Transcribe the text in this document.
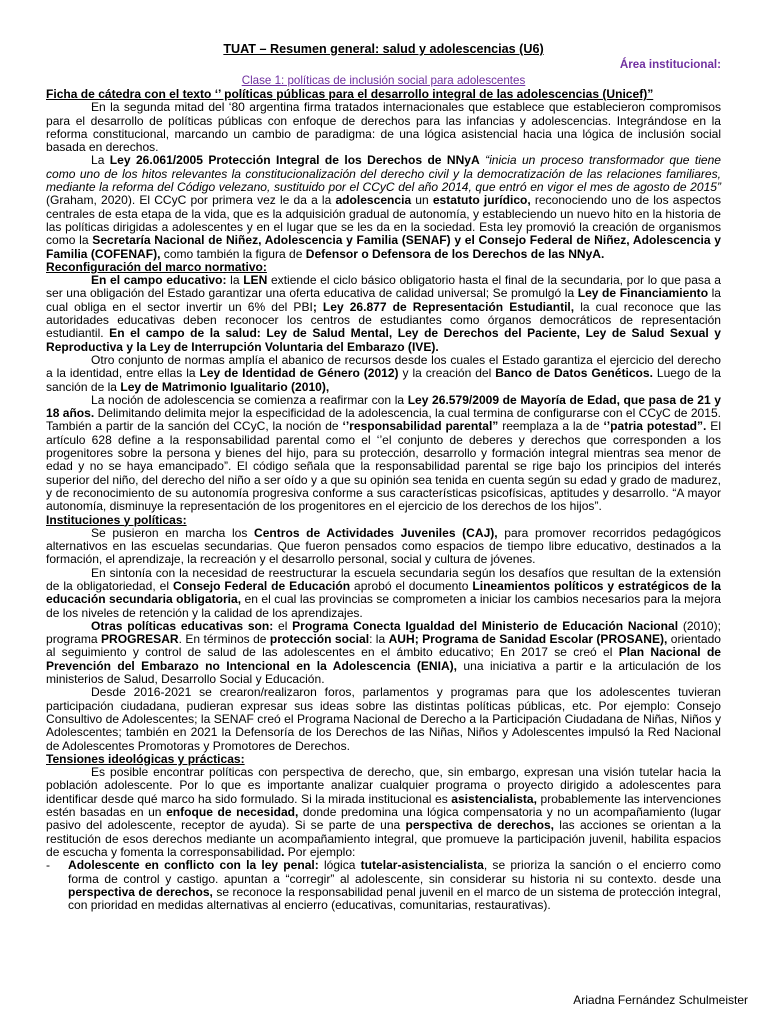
TUAT – Resumen general: salud y adolescencias (U6)
Área institucional:
Clase 1: políticas de inclusión social para adolescentes

Ficha de cátedra con el texto ‘’ políticas públicas para el desarrollo integral de las adolescencias (Unicef)”

En la segunda mitad del ‘80 argentina firma tratados internacionales que establece que establecieron compromisos para el desarrollo de políticas públicas con enfoque de derechos para las infancias y adolescencias. Integrándose en la reforma constitucional, marcando un cambio de paradigma: de una lógica asistencial hacia una lógica de inclusión social basada en derechos.

La Ley 26.061/2005 Protección Integral de los Derechos de NNyA “inicia un proceso transformador que tiene como uno de los hitos relevantes la constitucionalización del derecho civil y la democratización de las relaciones familiares, mediante la reforma del Código velezano, sustituido por el CCyC del año 2014, que entró en vigor el mes de agosto de 2015” (Graham, 2020). El CCyC por primera vez le da a la adolescencia un estatuto jurídico, reconociendo uno de los aspectos centrales de esta etapa de la vida, que es la adquisición gradual de autonomía, y estableciendo un nuevo hito en la historia de las políticas dirigidas a adolescentes y en el lugar que se les da en la sociedad. Esta ley promovió la creación de organismos como la Secretaría Nacional de Niñez, Adolescencia y Familia (SENAF) y el Consejo Federal de Niñez, Adolescencia y Familia (COFENAF), como también la figura de Defensor o Defensora de los Derechos de las NNyA.

Reconfiguración del marco normativo:

En el campo educativo: la LEN extiende el ciclo básico obligatorio hasta el final de la secundaria, por lo que pasa a ser una obligación del Estado garantizar una oferta educativa de calidad universal; Se promulgó la Ley de Financiamiento la cual obliga en el sector invertir un 6% del PBI; Ley 26.877 de Representación Estudiantil, la cual reconoce que las autoridades educativas deben reconocer los centros de estudiantes como órganos democráticos de representación estudiantil. En el campo de la salud: Ley de Salud Mental, Ley de Derechos del Paciente, Ley de Salud Sexual y Reproductiva y la Ley de Interrupción Voluntaria del Embarazo (IVE).

Otro conjunto de normas amplía el abanico de recursos desde los cuales el Estado garantiza el ejercicio del derecho a la identidad, entre ellas la Ley de Identidad de Género (2012) y la creación del Banco de Datos Genéticos. Luego de la sanción de la Ley de Matrimonio Igualitario (2010),

La noción de adolescencia se comienza a reafirmar con la Ley 26.579/2009 de Mayoría de Edad, que pasa de 21 y 18 años. Delimitando delimita mejor la especificidad de la adolescencia, la cual termina de configurarse con el CCyC de 2015. También a partir de la sanción del CCyC, la noción de ‘’responsabilidad parental” reemplaza a la de ‘’patria potestad”. El artículo 628 define a la responsabilidad parental como el ‘’el conjunto de deberes y derechos que corresponden a los progenitores sobre la persona y bienes del hijo, para su protección, desarrollo y formación integral mientras sea menor de edad y no se haya emancipado”. El código señala que la responsabilidad parental se rige bajo los principios del interés superior del niño, del derecho del niño a ser oído y a que su opinión sea tenida en cuenta según su edad y grado de madurez, y de reconocimiento de su autonomía progresiva conforme a sus características psicofísicas, aptitudes y desarrollo. “A mayor autonomía, disminuye la representación de los progenitores en el ejercicio de los derechos de los hijos”.

Instituciones y políticas:

Se pusieron en marcha los Centros de Actividades Juveniles (CAJ), para promover recorridos pedagógicos alternativos en las escuelas secundarias. Que fueron pensados como espacios de tiempo libre educativo, destinados a la formación, el aprendizaje, la recreación y el desarrollo personal, social y cultura de jóvenes.

En sintonía con la necesidad de reestructurar la escuela secundaria según los desafíos que resultan de la extensión de la obligatoriedad, el Consejo Federal de Educación aprobó el documento Lineamientos políticos y estratégicos de la educación secundaria obligatoria, en el cual las provincias se comprometen a iniciar los cambios necesarios para la mejora de los niveles de retención y la calidad de los aprendizajes.

Otras políticas educativas son: el Programa Conecta Igualdad del Ministerio de Educación Nacional (2010); programa PROGRESAR. En términos de protección social: la AUH; Programa de Sanidad Escolar (PROSANE), orientado al seguimiento y control de salud de las adolescentes en el ámbito educativo; En 2017 se creó el Plan Nacional de Prevención del Embarazo no Intencional en la Adolescencia (ENIA), una iniciativa a partir e la articulación de los ministerios de Salud, Desarrollo Social y Educación.

Desde 2016-2021 se crearon/realizaron foros, parlamentos y programas para que los adolescentes tuvieran participación ciudadana, pudieran expresar sus ideas sobre las distintas políticas públicas, etc. Por ejemplo: Consejo Consultivo de Adolescentes; la SENAF creó el Programa Nacional de Derecho a la Participación Ciudadana de Niñas, Niños y Adolescentes; también en 2021 la Defensoría de los Derechos de las Niñas, Niños y Adolescentes impulsó la Red Nacional de Adolescentes Promotoras y Promotores de Derechos.

Tensiones ideológicas y prácticas:

Es posible encontrar políticas con perspectiva de derecho, que, sin embargo, expresan una visión tutelar hacia la población adolescente. Por lo que es importante analizar cualquier programa o proyecto dirigido a adolescentes para identificar desde qué marco ha sido formulado. Si la mirada institucional es asistencialista, probablemente las intervenciones estén basadas en un enfoque de necesidad, donde predomina una lógica compensatoria y no un acompañamiento (lugar pasivo del adolescente, receptor de ayuda). Si se parte de una perspectiva de derechos, las acciones se orientan a la restitución de esos derechos mediante un acompañamiento integral, que promueve la participación juvenil, habilita espacios de escucha y fomenta la corresponsabilidad. Por ejemplo:

-	Adolescente en conflicto con la ley penal: lógica tutelar-asistencialista, se prioriza la sanción o el encierro como forma de control y castigo. apuntan a “corregir” al adolescente, sin considerar su historia ni su contexto. desde una perspectiva de derechos, se reconoce la responsabilidad penal juvenil en el marco de un sistema de protección integral, con prioridad en medidas alternativas al encierro (educativas, comunitarias, restaurativas).
Ariadna Fernández Schulmeister
